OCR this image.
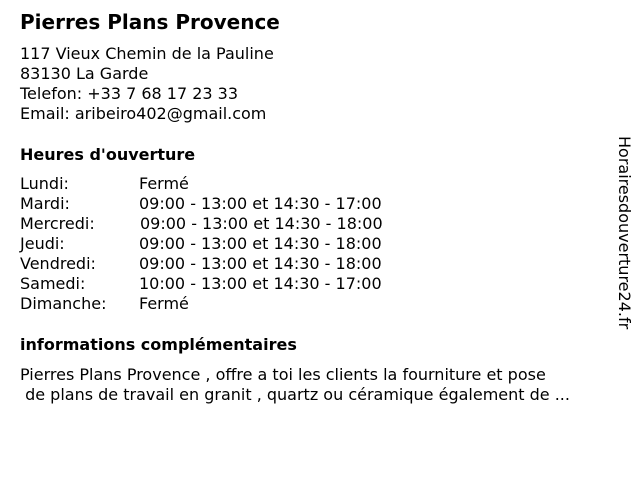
Pierres Plans Provence
117 Vieux Chemin de la Pauline
83130 La Garde
Telefon: +33 7 68 17 23 33
Email: aribeiro402@gmail.com
Heures d'ouverture
Lundi:	Fermé
Mardi:	09:00 - 13:00 et 14:30 - 17:00
Mercredi:	09:00 - 13:00 et 14:30 - 18:00
Jeudi:	09:00 - 13:00 et 14:30 - 18:00
Vendredi:	09:00 - 13:00 et 14:30 - 18:00
Samedi:	10:00 - 13:00 et 14:30 - 17:00
Dimanche: Fermé
informations complémentaires
Pierres Plans Provence , offre a toi les clients la fourniture et pose
de plans de travail en granit , quartz ou céramique également de ...
Horairesdouverture24.fr
